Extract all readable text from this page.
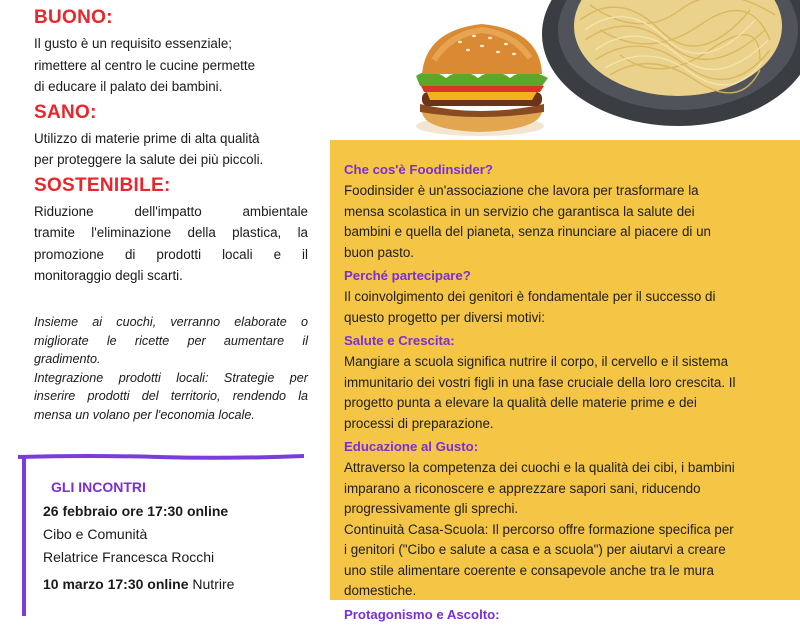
BUONO:

Il gusto è un requisito essenziale;

rimettere al centro le cucine permette

di educare il palato dei bambini.

SANO:

Utilizzo di materie prime di alta qualità

per proteggere la salute dei più piccoli.

SOSTENIBILE:

Riduzione dell'impatto ambientale

tramite l'eliminazione della plastica, la

promozione di prodotti locali e il

monitoraggio degli scarti.

Insieme ai cuochi, verranno elaborate o

migliorate le ricette per aumentare il

gradimento.

Integrazione prodotti locali: Strategie per

inserire prodotti del territorio, rendendo la

mensa un volano per l'economia locale.

GLI INCONTRI
26 febbraio ore 17:30 online
Cibo e Comunità
Relatrice Francesca Rocchi
10 marzo 17:30 online Nutrire

Che cos'è Foodinsider?

Foodinsider è un'associazione che lavora per trasformare la

mensa scolastica in un servizio che garantisca la salute dei

bambini e quella del pianeta, senza rinunciare al piacere di un

buon pasto.

Perché partecipare?

Il coinvolgimento dei genitori è fondamentale per il successo di

questo progetto per diversi motivi:

Salute e Crescita:

Mangiare a scuola significa nutrire il corpo, il cervello e il sistema

immunitario dei vostri figli in una fase cruciale della loro crescita. Il

progetto punta a elevare la qualità delle materie prime e dei

processi di preparazione.

Educazione al Gusto:

Attraverso la competenza dei cuochi e la qualità dei cibi, i bambini

imparano a riconoscere e apprezzare sapori sani, riducendo

progressivamente gli sprechi.

Continuità Casa-Scuola: Il percorso offre formazione specifica per

i genitori ("Cibo e salute a casa e a scuola") per aiutarvi a creare

uno stile alimentare coerente e consapevole anche tra le mura

domestiche.

Protagonismo e Ascolto:
